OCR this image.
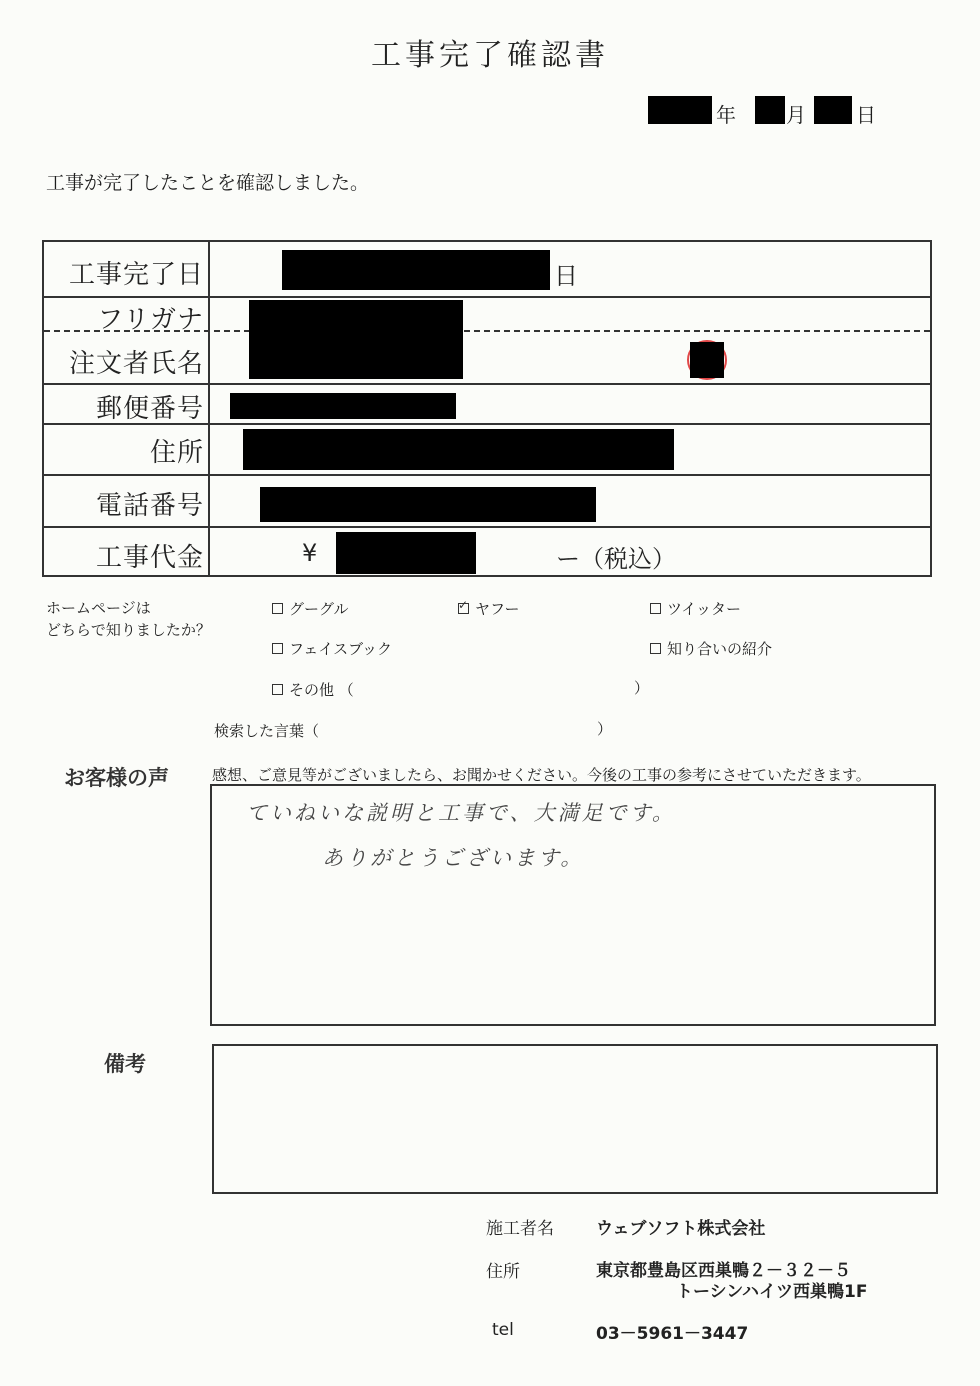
工事完了確認書
年	月	日
工事が完了したことを確認しました。
工事完了日	日
フリガナ
注文者氏名
郵便番号
住所
電話番号
工事代金	¥	ー（税込）
ホームページは
どちらで知りましたか？
グーグル
✓	ヤフー	ツイッター
フェイスブック	知り合いの紹介
その他 （	）
検索した言葉（	）
お客様の声	感想、ご意見等がございましたら、お聞かせください。今後の工事の参考にさせていただきます。
ていねいな説明と工事で、大満足です。
ありがとうございます。
備考
施工者名 ウェブソフト株式会社
住所	東京都豊島区西巣鴨２－３２－５
トーシンハイツ西巣鴨1F
tel	03－5961－3447
